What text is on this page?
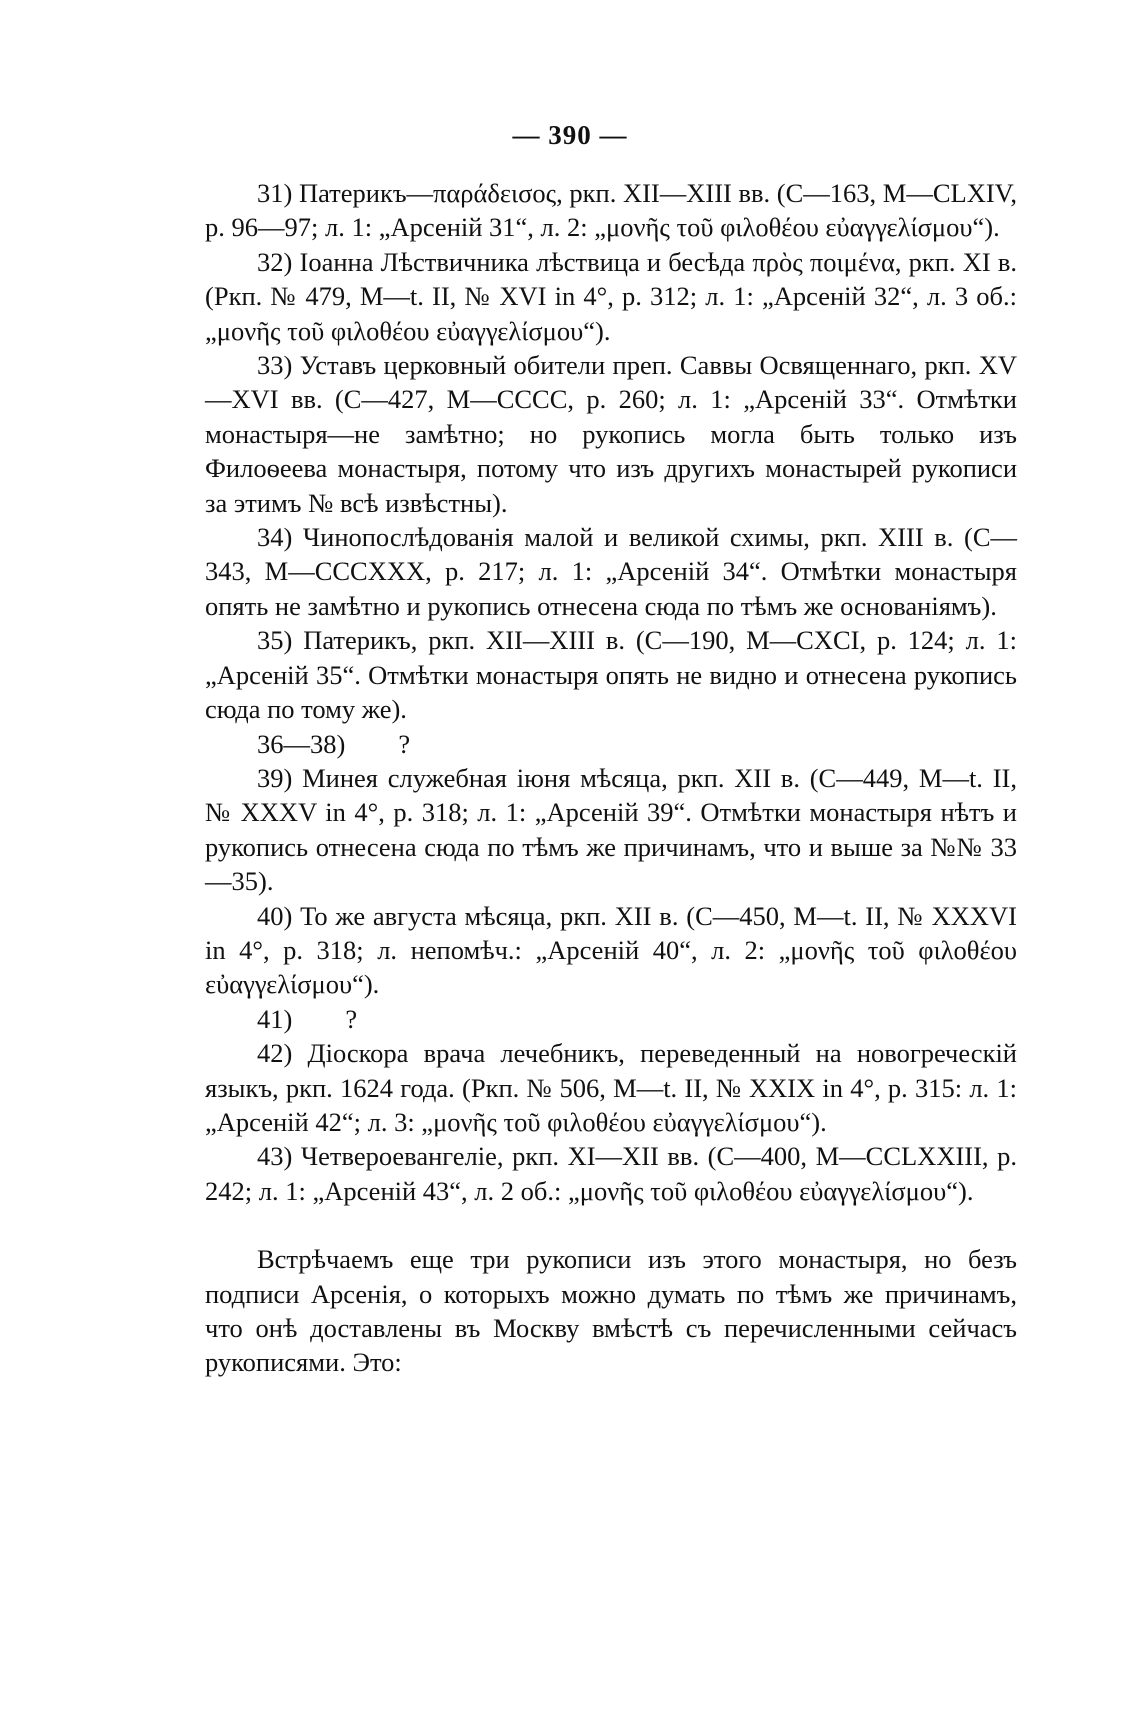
— 390 —

31) Патерикъ—παράδεισος, ркп. XII—XIII вв. (С—163, M—CLXIV, p. 96—97; л. 1: „Арсеній 31“, л. 2: „μονῆς τοῦ φιλοθέου εὐαγγελίσμου“).

32) Іоанна Лѣствичника лѣствица и бесѣда πρὸς ποιμένα, ркп. XI в. (Ркп. № 479, M—t. II, № XVI in 4°, p. 312; л. 1: „Арсеній 32“, л. 3 об.: „μονῆς τοῦ φιλοθέου εὐαγγελίσμου“).

33) Уставъ церковный обители преп. Саввы Освященнаго, ркп. XV—XVI вв. (С—427, M—CCCC, p. 260; л. 1: „Арсеній 33“. Отмѣтки монастыря—не замѣтно; но рукопись могла быть только изъ Филоѳеева монастыря, потому что изъ другихъ монастырей рукописи за этимъ № всѣ извѣстны).

34) Чинопослѣдованія малой и великой схимы, ркп. XIII в. (С—343, M—CCCXXX, p. 217; л. 1: „Арсеній 34“. Отмѣтки монастыря опять не замѣтно и рукопись отнесена сюда по тѣмъ же основаніямъ).

35) Патерикъ, ркп. XII—XIII в. (С—190, M—CXCI, p. 124; л. 1: „Арсеній 35“. Отмѣтки монастыря опять не видно и отнесена рукопись сюда по тому же).

36—38)        ?

39) Минея служебная іюня мѣсяца, ркп. XII в. (С—449, M—t. II, № XXXV in 4°, p. 318; л. 1: „Арсеній 39“. Отмѣтки монастыря нѣтъ и рукопись отнесена сюда по тѣмъ же причинамъ, что и выше за №№ 33—35).

40) То же августа мѣсяца, ркп. XII в. (С—450, M—t. II, № XXXVI in 4°, p. 318; л. непомѣч.: „Арсеній 40“, л. 2: „μονῆς τοῦ φιλοθέου εὐαγγελίσμου“).

41)        ?

42) Діоскора врача лечебникъ, переведенный на новогреческій языкъ, ркп. 1624 года. (Ркп. № 506, M—t. II, № XXIX in 4°, p. 315: л. 1: „Арсеній 42“; л. 3: „μονῆς τοῦ φιλοθέου εὐαγγελίσμου“).

43) Четвероевангеліе, ркп. XI—XII вв. (С—400, M—CCLXXIII, p. 242; л. 1: „Арсеній 43“, л. 2 об.: „μονῆς τοῦ φιλοθέου εὐαγγελίσμου“).

Встрѣчаемъ еще три рукописи изъ этого монастыря, но безъ подписи Арсенія, о которыхъ можно думать по тѣмъ же причинамъ, что онѣ доставлены въ Москву вмѣстѣ съ перечисленными сейчасъ рукописями. Это:
